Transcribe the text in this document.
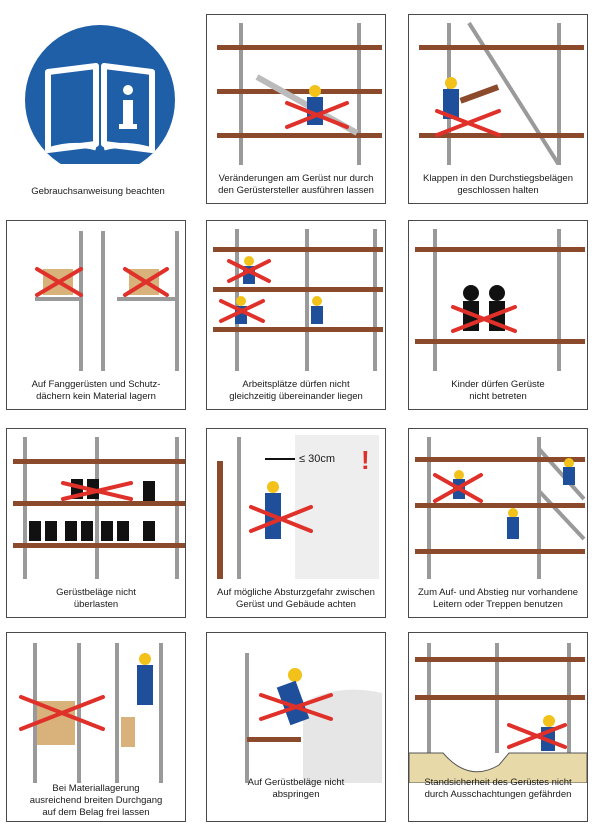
Gebrauchsanweisung beachten
Veränderungen am Gerüst nur durch
den Gerüstersteller ausführen lassen
Klappen in den Durchstiegsbelägen
geschlossen halten
Auf Fanggerüsten und Schutz-
dächern kein Material lagern
Arbeitsplätze dürfen nicht
gleichzeitig übereinander liegen
Kinder dürfen Gerüste
nicht betreten
Gerüstbeläge nicht
überlasten
≤ 30cm !
Auf mögliche Absturzgefahr zwischen
Gerüst und Gebäude achten
Zum Auf- und Abstieg nur vorhandene
Leitern oder Treppen benutzen
Bei Materiallagerung
ausreichend breiten Durchgang
auf dem Belag frei lassen
Auf Gerüstbeläge nicht
abspringen
Standsicherheit des Gerüstes nicht
durch Ausschachtungen gefährden
